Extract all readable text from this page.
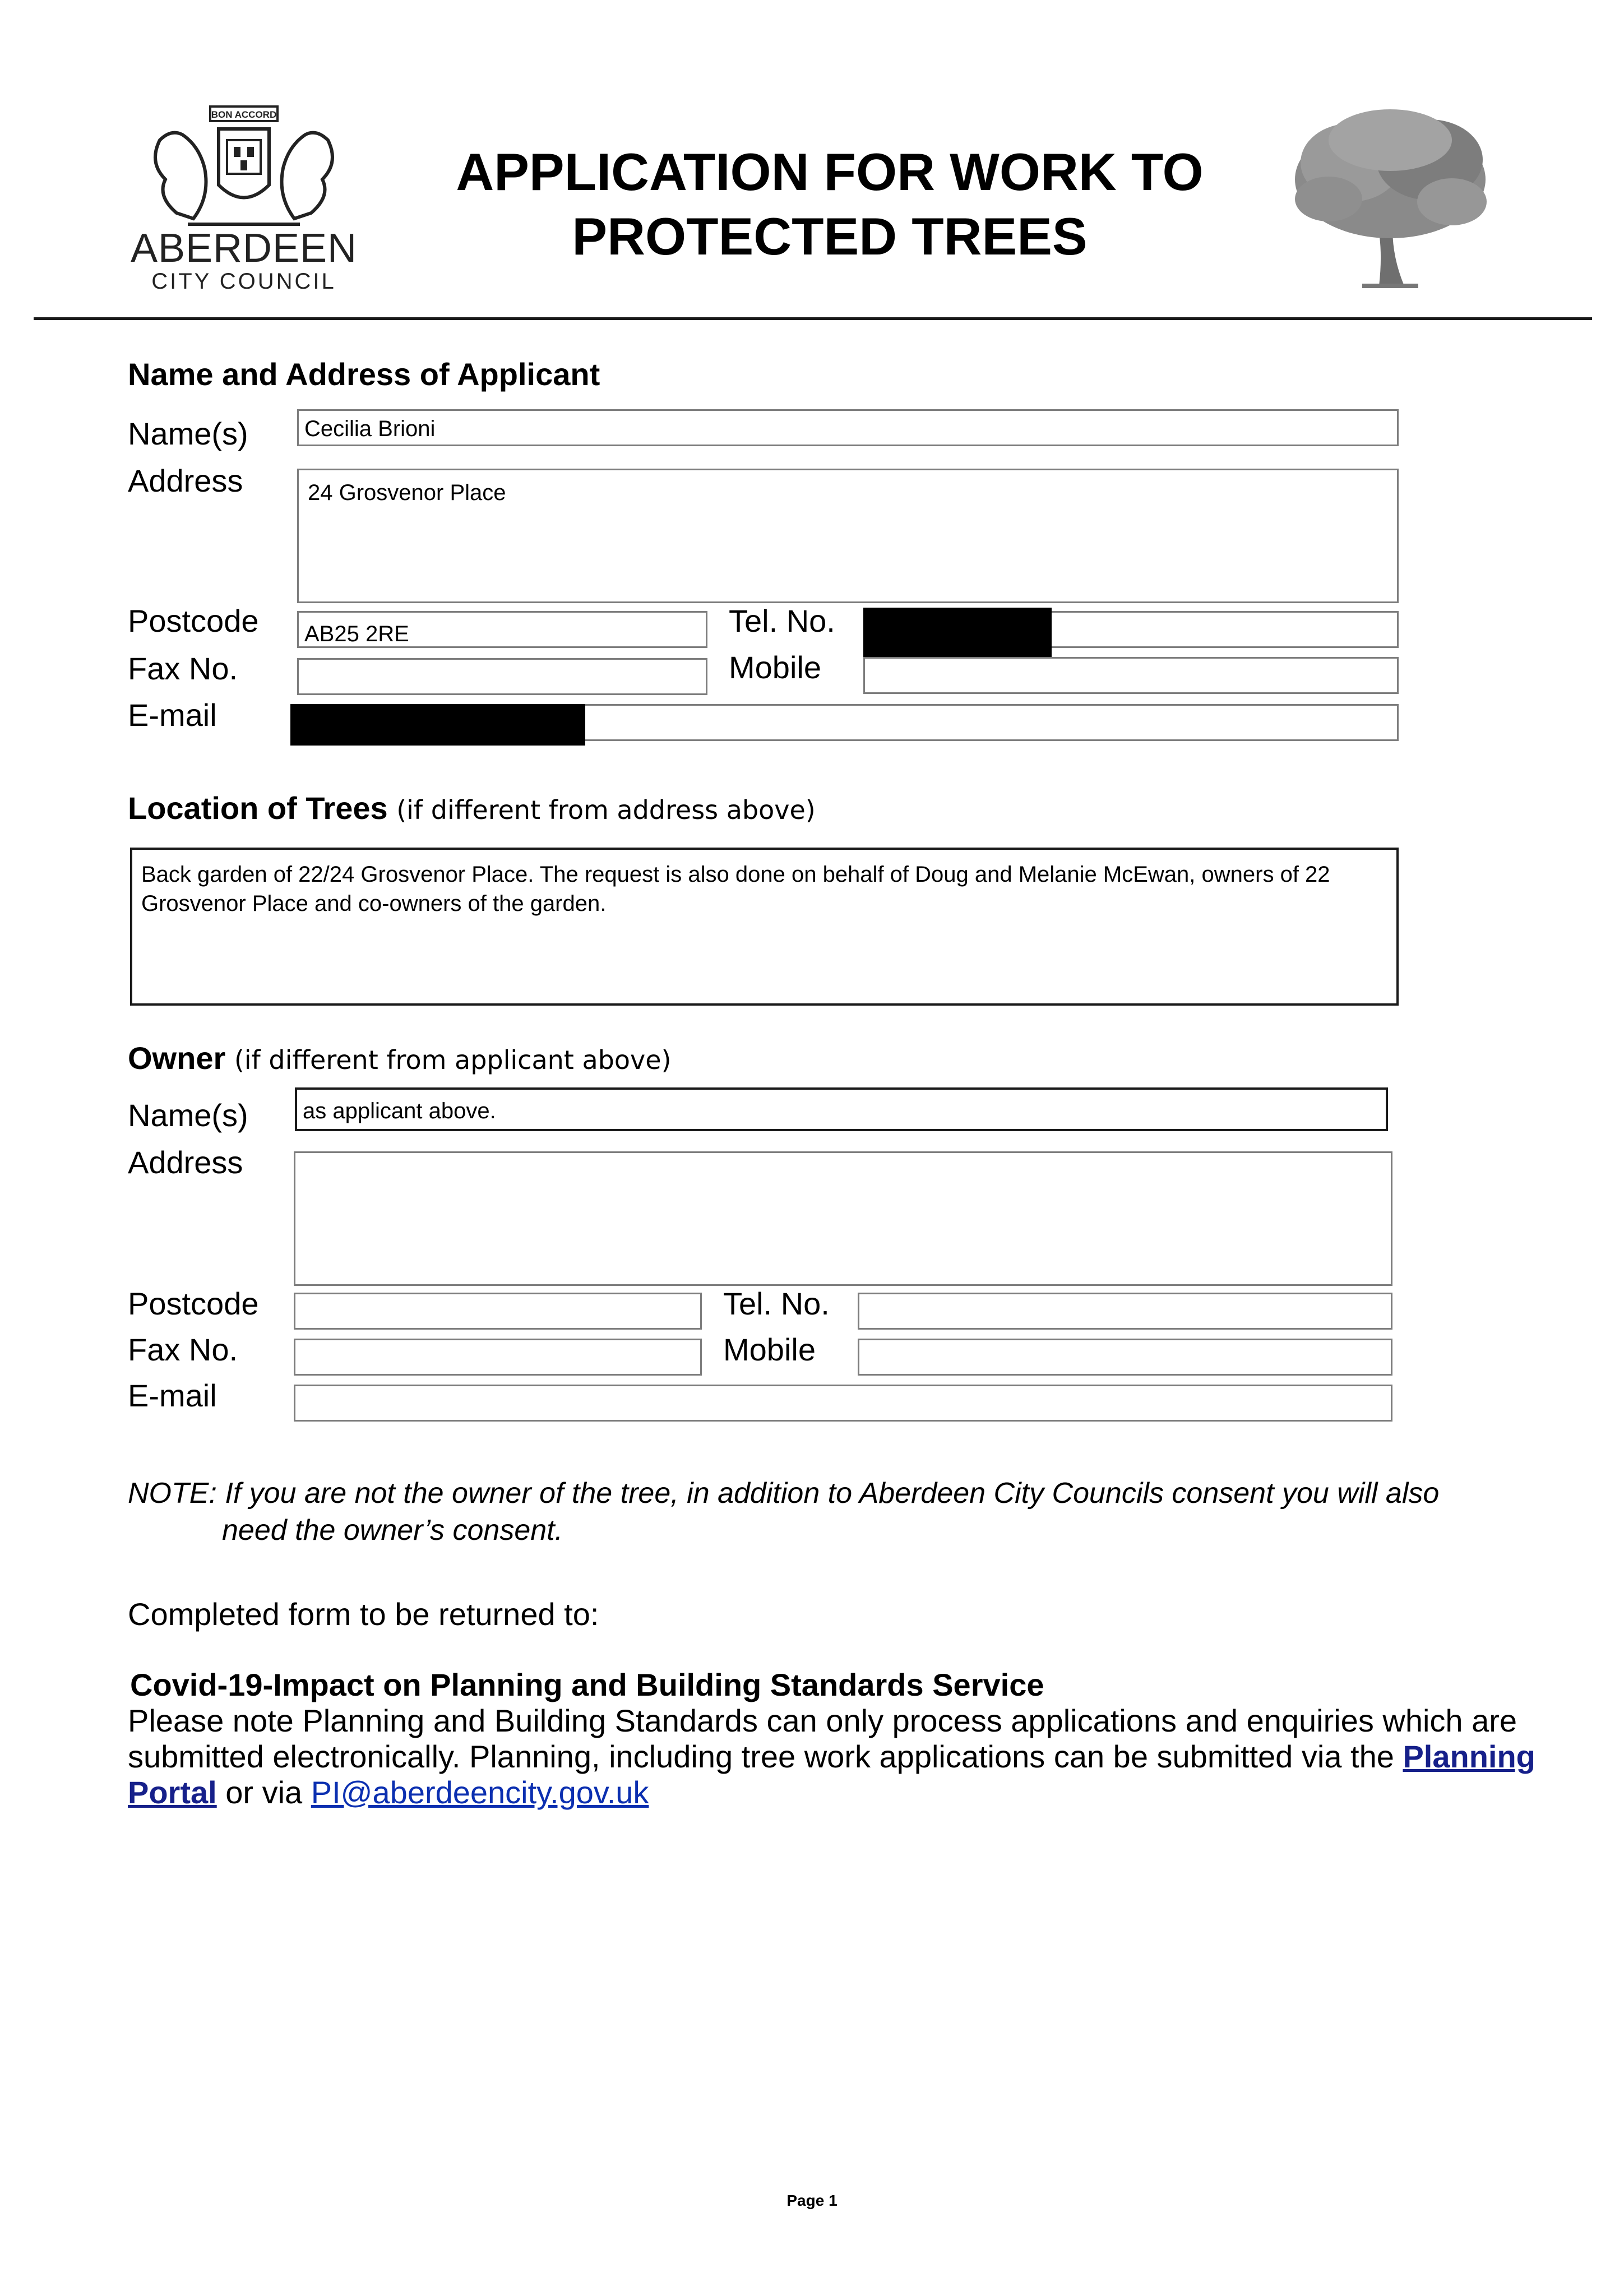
BON ACCORD
ABERDEEN
CITY COUNCIL
APPLICATION FOR WORK TO
PROTECTED TREES
Name and Address of Applicant
Name(s)	Cecilia Brioni
Address	24 Grosvenor Place
Postcode	AB25 2RE	Tel. No.
Fax No.	Mobile
E-mail
Location of Trees (if different from address above)
Back garden of 22/24 Grosvenor Place. The request is also done on behalf of Doug and Melanie McEwan, owners of 22 Grosvenor Place and co-owners of the garden.
Owner (if different from applicant above)
Name(s)	as applicant above.
Address
Postcode	Tel. No.
Fax No.	Mobile
E-mail
NOTE: If you are not the owner of the tree, in addition to Aberdeen City Councils consent you will also
need the owner’s consent.
Completed form to be returned to:
Covid-19-Impact on Planning and Building Standards Service
Please note Planning and Building Standards can only process applications and enquiries which are
submitted electronically. Planning, including tree work applications can be submitted via the Planning
Portal or via PI@aberdeencity.gov.uk
Page 1
